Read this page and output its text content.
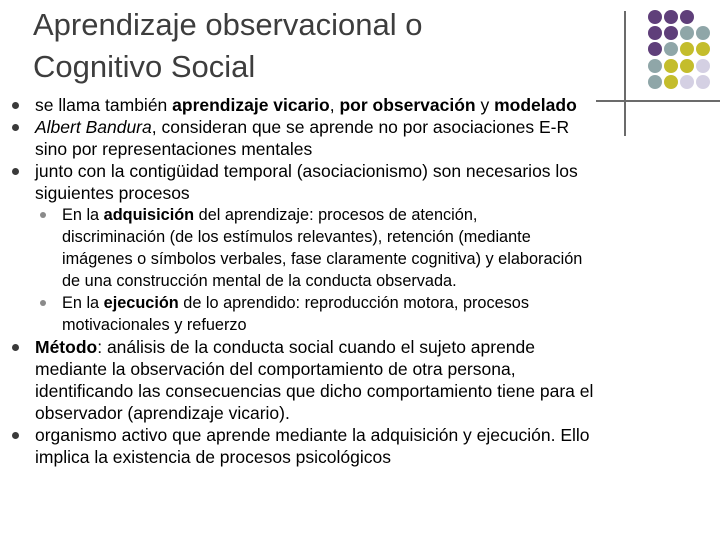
Aprendizaje observacional o
Cognitivo Social
se llama también aprendizaje vicario, por observación y modelado
Albert Bandura, consideran que se aprende no por asociaciones E-R
sino por representaciones mentales
junto con la contigüidad temporal (asociacionismo) son necesarios los
siguientes procesos
En la adquisición del aprendizaje: procesos de atención,
discriminación (de los estímulos relevantes), retención (mediante
imágenes o símbolos verbales, fase claramente cognitiva) y elaboración
de una construcción mental de la conducta observada.
En la ejecución de lo aprendido: reproducción motora, procesos
motivacionales y refuerzo
Método: análisis de la conducta social cuando el sujeto aprende
mediante la observación del comportamiento de otra persona,
identificando las consecuencias que dicho comportamiento tiene para el
observador (aprendizaje vicario).
organismo activo que aprende mediante la adquisición y ejecución. Ello
implica la existencia de procesos psicológicos
